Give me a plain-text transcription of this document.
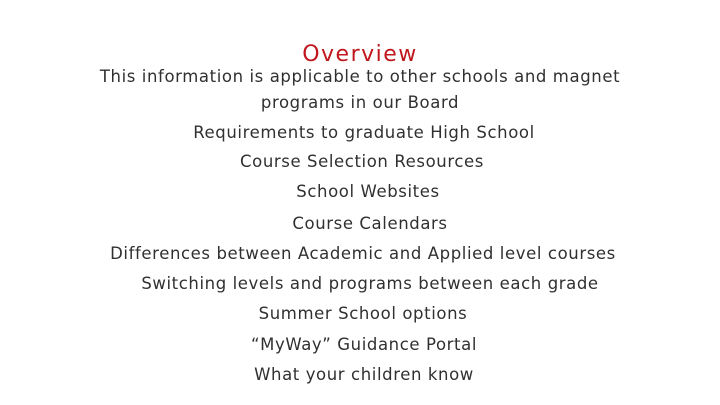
Overview
This information is applicable to other schools and magnet
programs in our Board
Requirements to graduate High School
Course Selection Resources
School Websites
Course Calendars
Differences between Academic and Applied level courses
Switching levels and programs between each grade
Summer School options
“MyWay” Guidance Portal
What your children know
